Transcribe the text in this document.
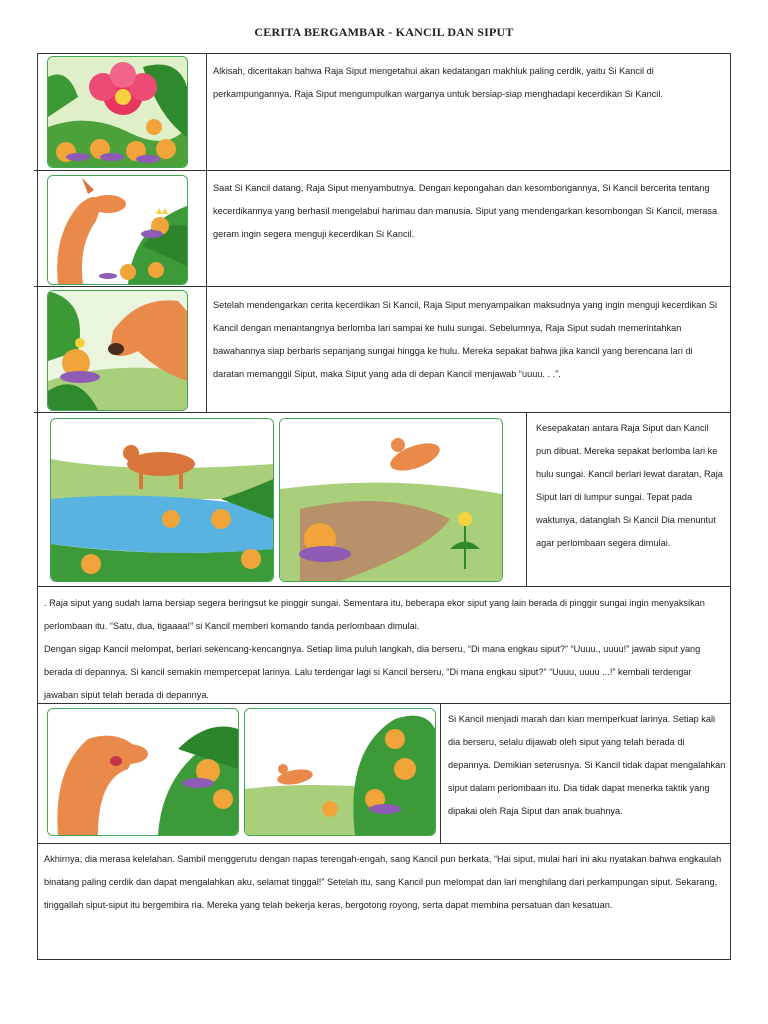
CERITA BERGAMBAR - KANCIL DAN SIPUT
Alkisah, diceritakan bahwa Raja Siput mengetahui akan kedatangan makhluk paling cerdik, yaitu Si Kancil di perkampungannya. Raja Siput mengumpulkan warganya untuk bersiap-siap menghadapi kecerdikan Si Kancil.
Saat Si Kancil datang, Raja Siput menyambutnya. Dengan kepongahan dan kesombongannya, Si Kancil bercerita tentang kecerdikannya yang berhasil mengelabui harimau dan manusia. Siput yang mendengarkan kesombongan Si Kancil, merasa geram ingin segera menguji kecerdikan Si Kancil.
Setelah mendengarkan cerita kecerdikan Si Kancil, Raja Siput menyampaikan maksudnya yang ingin menguji kecerdikan Si Kancil dengan menantangnya berlomba lari sampai ke hulu sungai. Sebelumnya, Raja Siput sudah memerintahkan bawahannya siap berbaris sepanjang sungai hingga ke hulu. Mereka sepakat bahwa jika kancil yang berencana lari di daratan memanggil Siput, maka Siput yang ada di depan Kancil menjawab “uuuu. . .”.
Kesepakatan antara Raja Siput dan Kancil pun dibuat. Mereka sepakat berlomba lari ke hulu sungai. Kancil berlari lewat daratan, Raja Siput lari di lumpur sungai. Tepat pada waktunya, datanglah Si Kancil Dia menuntut agar perlombaan segera dimulai.
. Raja siput yang sudah lama bersiap segera beringsut ke pinggir sungai. Sementara itu, beberapa ekor siput yang lain berada di pinggir sungai ingin menyaksikan perlombaan itu. “Satu, dua, tigaaaa!” si Kancil memberi komando tanda perlombaan dimulai.
Dengan sigap Kancil melompat, berlari sekencang-kencangnya. Setiap lima puluh langkah, dia berseru, “Di mana engkau siput?” “Uuuu., uuuu!” jawab siput yang berada di depannya. Si kancil semakin mempercepat larinya. Lalu terdengar lagi si Kancil berseru, “Di mana engkau siput?” “Uuuu, uuuu ...!” kembali terdengar jawaban siput telah berada di depannya.
Si Kancil menjadi marah dan kian memperkuat larinya. Setiap kali dia berseru, selalu dijawab oleh siput yang telah berada di depannya. Demikian seterusnya. Si Kancil tidak dapat mengalahkan siput dalam perlombaan itu. Dia tidak dapat menerka taktik yang dipakai oleh Raja Siput dan anak buahnya.
Akhirnya, dia merasa kelelahan. Sambil menggerutu dengan napas terengah-engah, sang Kancil pun berkata, “Hai siput, mulai hari ini aku nyatakan bahwa engkaulah binatang paling cerdik dan dapat mengalahkan aku, selamat tinggal!” Setelah itu, sang Kancil pun melompat dan lari menghilang dari perkampungan siput. Sekarang, tinggallah siput-siput itu bergembira ria. Mereka yang telah bekerja keras, bergotong royong, serta dapat membina persatuan dan kesatuan.
